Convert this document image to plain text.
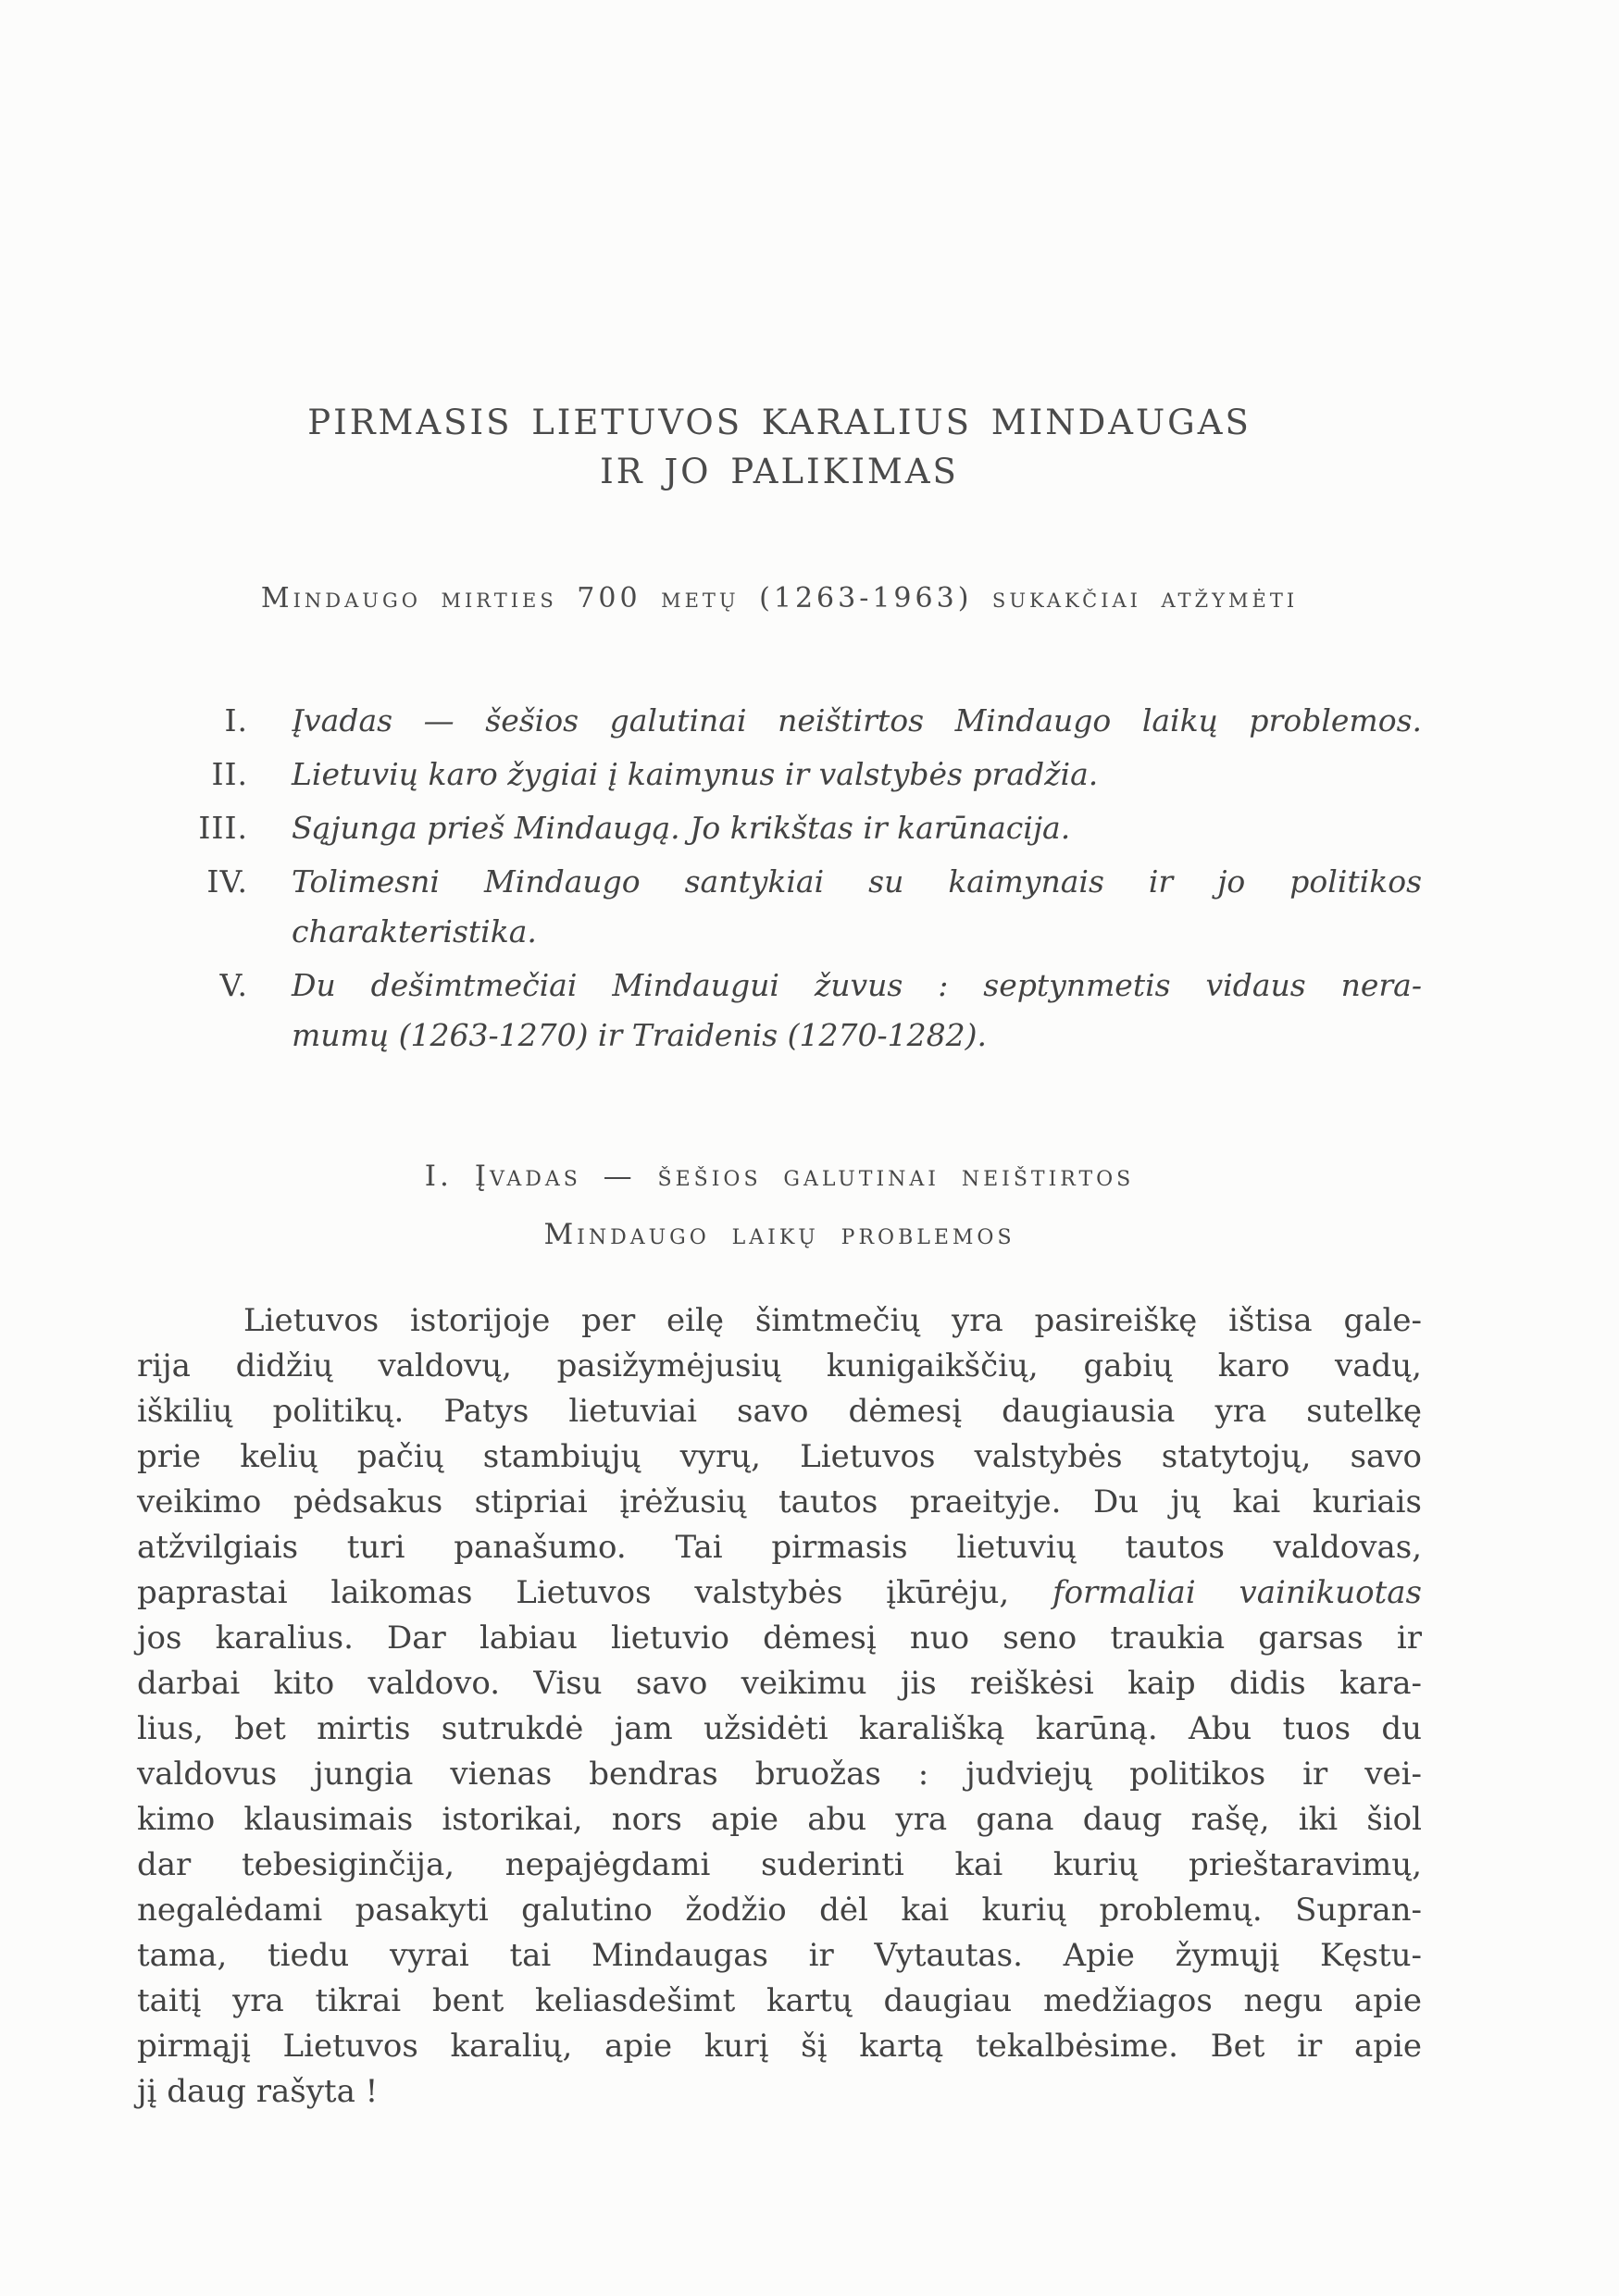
PIRMASIS LIETUVOS KARALIUS MINDAUGAS
IR JO PALIKIMAS
Mindaugo mirties 700 metų (1263-1963) sukakčiai atžymėti
I. Įvadas — šešios galutinai neištirtos Mindaugo laikų problemos.
II. Lietuvių karo žygiai į kaimynus ir valstybės pradžia.
III. Sąjunga prieš Mindaugą. Jo krikštas ir karūnacija.
IV. Tolimesni Mindaugo santykiai su kaimynais ir jo politikos
charakteristika.
V. Du dešimtmečiai Mindaugui žuvus : septynmetis vidaus nera-
mumų (1263-1270) ir Traidenis (1270-1282).
I. Įvadas — šešios galutinai neištirtos
Mindaugo laikų problemos
Lietuvos istorijoje per eilę šimtmečių yra pasireiškę ištisa gale-
rija didžių valdovų, pasižymėjusių kunigaikščių, gabių karo vadų,
iškilių politikų. Patys lietuviai savo dėmesį daugiausia yra sutelkę
prie kelių pačių stambiųjų vyrų, Lietuvos valstybės statytojų, savo
veikimo pėdsakus stipriai įrėžusių tautos praeityje. Du jų kai kuriais
atžvilgiais turi panašumo. Tai pirmasis lietuvių tautos valdovas,
paprastai laikomas Lietuvos valstybės įkūrėju, formaliai vainikuotas
jos karalius. Dar labiau lietuvio dėmesį nuo seno traukia garsas ir
darbai kito valdovo. Visu savo veikimu jis reiškėsi kaip didis kara-
lius, bet mirtis sutrukdė jam užsidėti karališką karūną. Abu tuos du
valdovus jungia vienas bendras bruožas : judviejų politikos ir vei-
kimo klausimais istorikai, nors apie abu yra gana daug rašę, iki šiol
dar tebesiginčija, nepajėgdami suderinti kai kurių prieštaravimų,
negalėdami pasakyti galutino žodžio dėl kai kurių problemų. Supran-
tama, tiedu vyrai tai Mindaugas ir Vytautas. Apie žymųjį Kęstu-
taitį yra tikrai bent keliasdešimt kartų daugiau medžiagos negu apie
pirmąjį Lietuvos karalių, apie kurį šį kartą tekalbėsime. Bet ir apie
jį daug rašyta !
